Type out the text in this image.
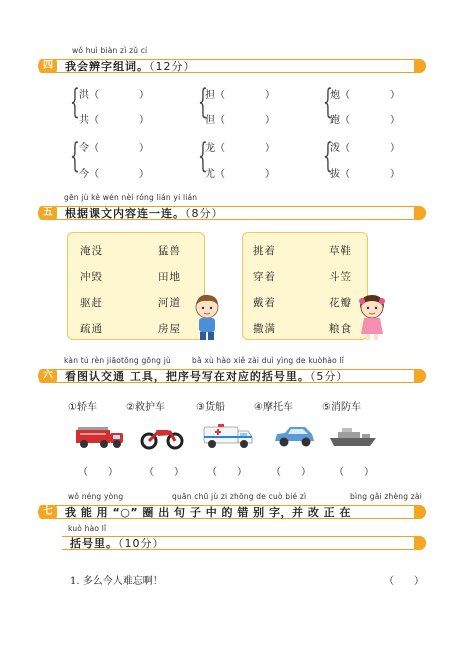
wǒ huì biàn zì zǔ cí
四	我会辨字组词。（12分）
{	{	{
洪（　　　　）	担（　　　　）	炮（　　　　）
共（　　　　）	但（　　　　）	跑（　　　　）
{	{	{
令（　　　　）	龙（　　　　）	泼（　　　　）
今（　　　　）	尤（　　　　）	拔（　　　　）
gēn jù kè wén nèi róng lián yi lián
五	根据课文内容连一连。（8分）
淹没	猛兽
冲毁	田地
驱赶	河道
疏通	房屋
挑着	草鞋
穿着	斗笠
戴着	花瓣
撒满	粮食
kàn tú rèn jiāotōng gōng jù	bǎ xù hào xiě zài duì yìng de kuòhào lǐ
六	看图认交通 工具，把序号写在对应的括号里。（5分）
①轿车	②救护车	③货船	④摩托车	⑤消防车
（　　）	（　　） （　　） （　　） （　　）
wǒ néng yòng	quān chū jù zi zhōng de cuò bié zì	bìng gǎi zhèng zài
七	我 能 用 “○” 圈 出 句 子 中 的 错 别 字，并 改 正 在
kuò hào lǐ
括号里。（10分）
1. 多么今人难忘啊！	（　　）
